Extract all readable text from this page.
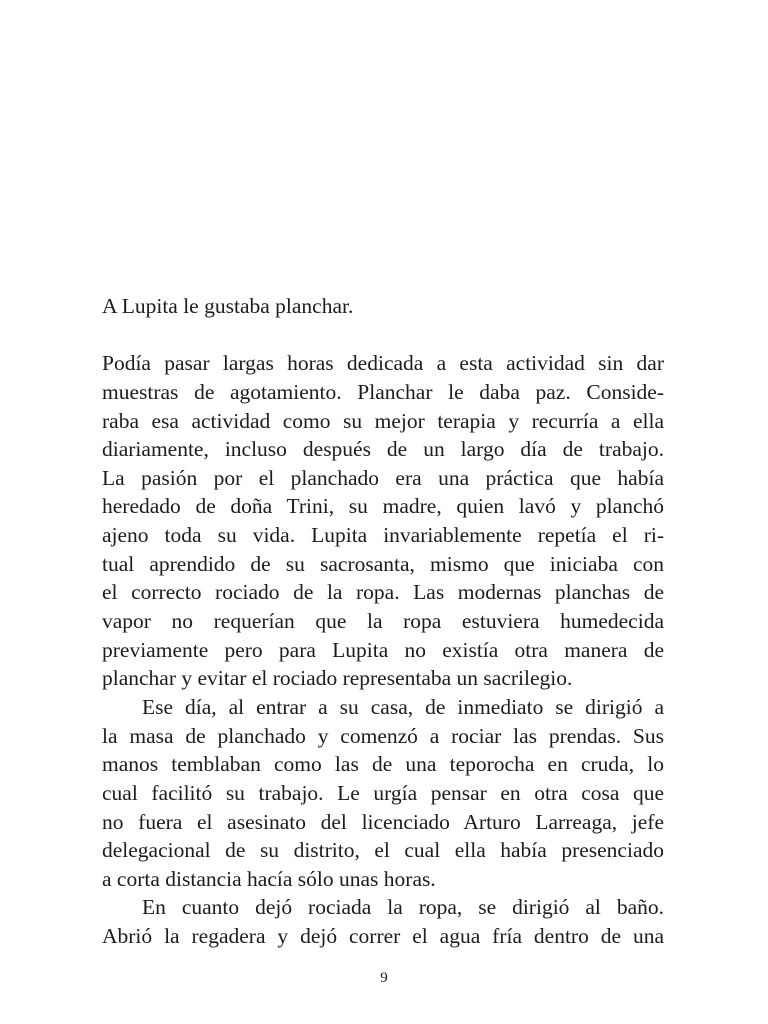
A Lupita le gustaba planchar.

Podía pasar largas horas dedicada a esta actividad sin dar
muestras de agotamiento. Planchar le daba paz. Conside-
raba esa actividad como su mejor terapia y recurría a ella
diariamente, incluso después de un largo día de trabajo.
La pasión por el planchado era una práctica que había
heredado de doña Trini, su madre, quien lavó y planchó
ajeno toda su vida. Lupita invariablemente repetía el ri-
tual aprendido de su sacrosanta, mismo que iniciaba con
el correcto rociado de la ropa. Las modernas planchas de
vapor no requerían que la ropa estuviera humedecida
previamente pero para Lupita no existía otra manera de
planchar y evitar el rociado representaba un sacrilegio.

Ese día, al entrar a su casa, de inmediato se dirigió a
la masa de planchado y comenzó a rociar las prendas. Sus
manos temblaban como las de una teporocha en cruda, lo
cual facilitó su trabajo. Le urgía pensar en otra cosa que
no fuera el asesinato del licenciado Arturo Larreaga, jefe
delegacional de su distrito, el cual ella había presenciado
a corta distancia hacía sólo unas horas.

En cuanto dejó rociada la ropa, se dirigió al baño.
Abrió la regadera y dejó correr el agua fría dentro de una

9
